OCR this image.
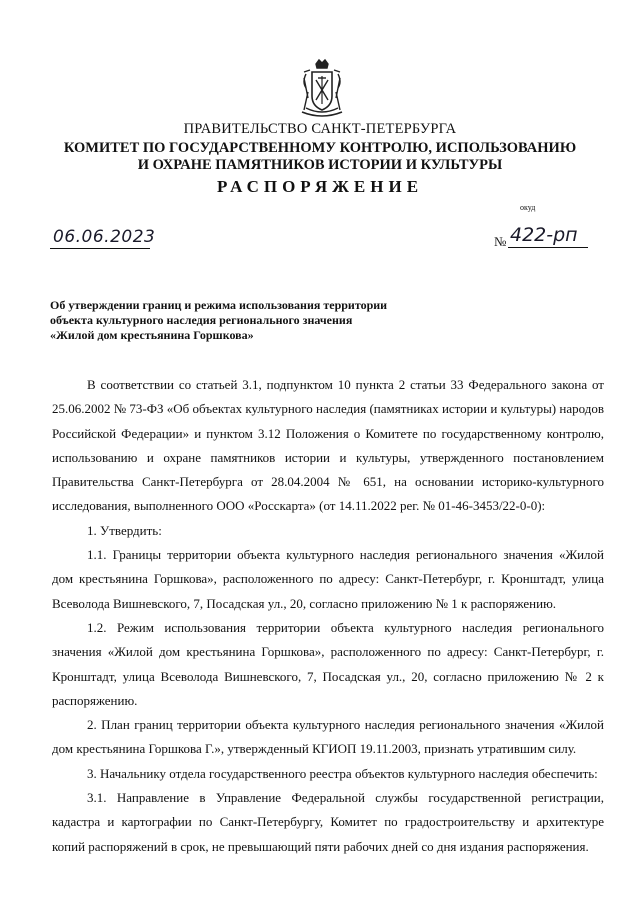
ПРАВИТЕЛЬСТВО САНКТ-ПЕТЕРБУРГА
КОМИТЕТ ПО ГОСУДАРСТВЕННОМУ КОНТРОЛЮ, ИСПОЛЬЗОВАНИЮ
И ОХРАНЕ ПАМЯТНИКОВ ИСТОРИИ И КУЛЬТУРЫ
РАСПОРЯЖЕНИЕ
окуд
06.06.2023	№ 422-рп
Об утверждении границ и режима использования территории
объекта культурного наследия регионального значения
«Жилой дом крестьянина Горшкова»

В соответствии со статьей 3.1, подпунктом 10 пункта 2 статьи 33 Федерального закона от 25.06.2002 № 73-ФЗ «Об объектах культурного наследия (памятниках истории и культуры) народов Российской Федерации» и пунктом 3.12 Положения о Комитете по государственному контролю, использованию и охране памятников истории и культуры, утвержденного постановлением Правительства Санкт-Петербурга от 28.04.2004 № 651, на основании историко-культурного исследования, выполненного ООО «Росскарта» (от 14.11.2022 рег. № 01-46-3453/22-0-0):

1. Утвердить:

1.1. Границы территории объекта культурного наследия регионального значения «Жилой дом крестьянина Горшкова», расположенного по адресу: Санкт-Петербург, г. Кронштадт, улица Всеволода Вишневского, 7, Посадская ул., 20, согласно приложению № 1 к распоряжению.

1.2. Режим использования территории объекта культурного наследия регионального значения «Жилой дом крестьянина Горшкова», расположенного по адресу: Санкт-Петербург, г. Кронштадт, улица Всеволода Вишневского, 7, Посадская ул., 20, согласно приложению № 2 к распоряжению.

2. План границ территории объекта культурного наследия регионального значения «Жилой дом крестьянина Горшкова Г.», утвержденный КГИОП 19.11.2003, признать утратившим силу.

3. Начальнику отдела государственного реестра объектов культурного наследия обеспечить:

3.1. Направление в Управление Федеральной службы государственной регистрации, кадастра и картографии по Санкт-Петербургу, Комитет по градостроительству и архитектуре копий распоряжений в срок, не превышающий пяти рабочих дней со дня издания распоряжения.
